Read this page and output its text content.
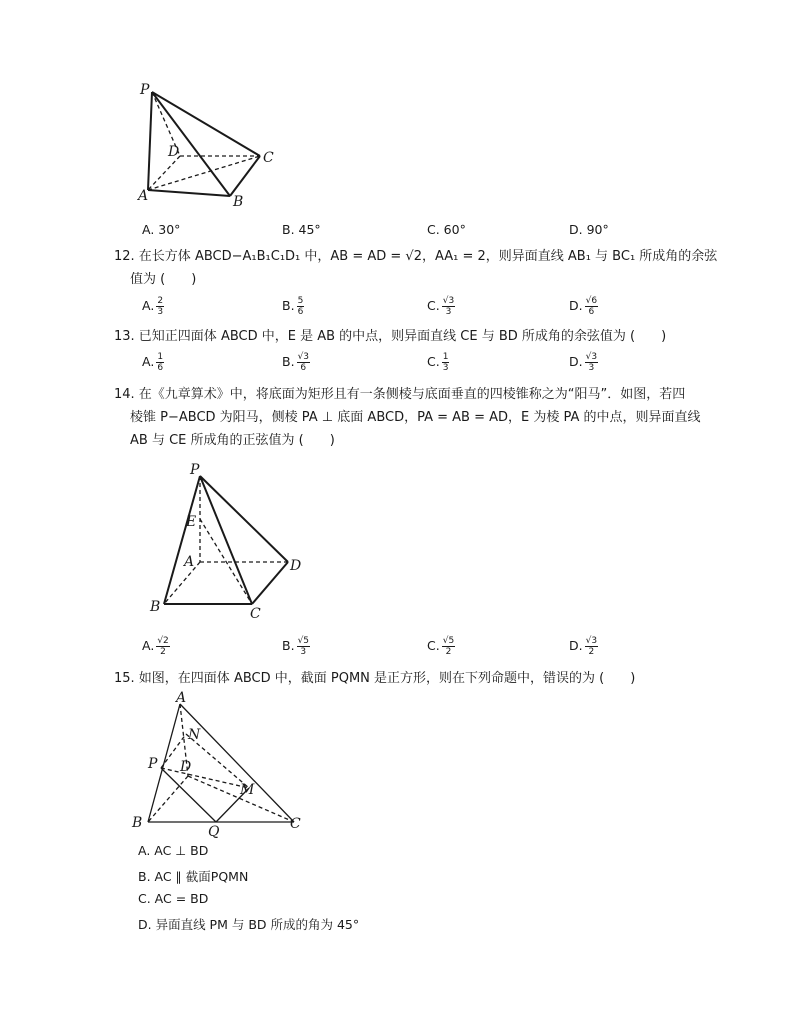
P
D	C
A	B
A. 30°	B. 45°	C. 60°	D. 90°
12. 在长方体 ABCD−A₁B₁C₁D₁ 中，AB = AD = √2，AA₁ = 2，则异面直线 AB₁ 与 BC₁ 所成角的余弦
值为 (　　)
A. $\frac{2}{3}$	B. $\frac{5}{6}$	C. $\frac{√3}{3}$	D. $\frac{√6}{6}$
13. 已知正四面体 ABCD 中，E 是 AB 的中点，则异面直线 CE 与 BD 所成角的余弦值为 (　　)
A. $\frac{1}{6}$	B. $\frac{√3}{6}$	C. $\frac{1}{3}$	D. $\frac{√3}{3}$
14. 在《九章算术》中，将底面为矩形且有一条侧棱与底面垂直的四棱锥称之为“阳马”．如图，若四
棱锥 P−ABCD 为阳马，侧棱 PA ⊥ 底面 ABCD，PA = AB = AD，E 为棱 PA 的中点，则异面直线
AB 与 CE 所成角的正弦值为 (　　)
P
E
A	D
B	C
A. $\frac{√2}{2}$	B. $\frac{√5}{3}$	C. $\frac{√5}{2}$	D. $\frac{√3}{2}$
15. 如图，在四面体 ABCD 中，截面 PQMN 是正方形，则在下列命题中，错误的为 (　　)
A
N
P D
M
B
Q	C
A. AC ⊥ BD
B. AC ∥ 截面PQMN
C. AC = BD
D. 异面直线 PM 与 BD 所成的角为 45°
